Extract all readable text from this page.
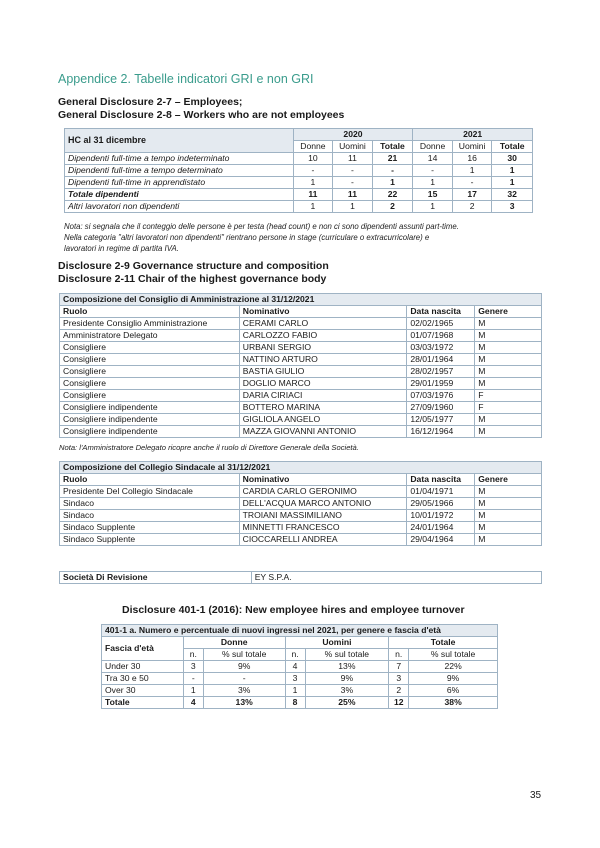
Appendice 2. Tabelle indicatori GRI e non GRI
General Disclosure 2-7 – Employees;
General Disclosure 2-8 – Workers who are not employees
HC al 31 dicembre	2020			2021		
	Donne	Uomini	Totale	Donne	Uomini	Totale
Dipendenti full-time a tempo indeterminato	10	11	21	14	16	30
Dipendenti full-time a tempo determinato	-	-	-	-	1	1
Dipendenti full-time in apprendistato	1	-	1	1	-	1
Totale dipendenti	11	11	22	15	17	32
Altri lavoratori non dipendenti	1	1	2	1	2	3
Nota: si segnala che il conteggio delle persone è per testa (head count) e non ci sono dipendenti assunti part-time.
Nella categoria "altri lavoratori non dipendenti" rientrano persone in stage (curriculare o extracurricolare) e
lavoratori in regime di partita IVA.
Disclosure 2-9 Governance structure and composition
Disclosure 2-11 Chair of the highest governance body
Composizione del Consiglio di Amministrazione al 31/12/2021			
Ruolo	Nominativo	Data nascita	Genere
Presidente Consiglio Amministrazione	CERAMI CARLO	02/02/1965	M
Amministratore Delegato	CARLOZZO FABIO	01/07/1968	M
Consigliere	URBANI SERGIO	03/03/1972	M
Consigliere	NATTINO ARTURO	28/01/1964	M
Consigliere	BASTIA GIULIO	28/02/1957	M
Consigliere	DOGLIO MARCO	29/01/1959	M
Consigliere	DARIA CIRIACI	07/03/1976	F
Consigliere indipendente	BOTTERO MARINA	27/09/1960	F
Consigliere indipendente	GIGLIOLA ANGELO	12/05/1977	M
Consigliere indipendente	MAZZA GIOVANNI ANTONIO	16/12/1964	M
Nota: l'Amministratore Delegato ricopre anche il ruolo di Direttore Generale della Società.
Composizione del Collegio Sindacale al 31/12/2021			
Ruolo	Nominativo	Data nascita	Genere
Presidente Del Collegio Sindacale	CARDIA CARLO GERONIMO	01/04/1971	M
Sindaco	DELL'ACQUA MARCO ANTONIO	29/05/1966	M
Sindaco	TROIANI MASSIMILIANO	10/01/1972	M
Sindaco Supplente	MINNETTI FRANCESCO	24/01/1964	M
Sindaco Supplente	CIOCCARELLI ANDREA	29/04/1964	M
Società Di Revisione	EY S.P.A.
Disclosure 401-1 (2016): New employee hires and employee turnover
401-1 a. Numero e percentuale di nuovi ingressi nel 2021, per genere e fascia d'età						
Fascia d'età	Donne		Uomini		Totale	
	n.	% sul totale	n.	% sul totale	n.	% sul totale
Under 30	3	9%	4	13%	7	22%
Tra 30 e 50	-	-	3	9%	3	9%
Over 30	1	3%	1	3%	2	6%
Totale	4	13%	8	25%	12	38%
35
